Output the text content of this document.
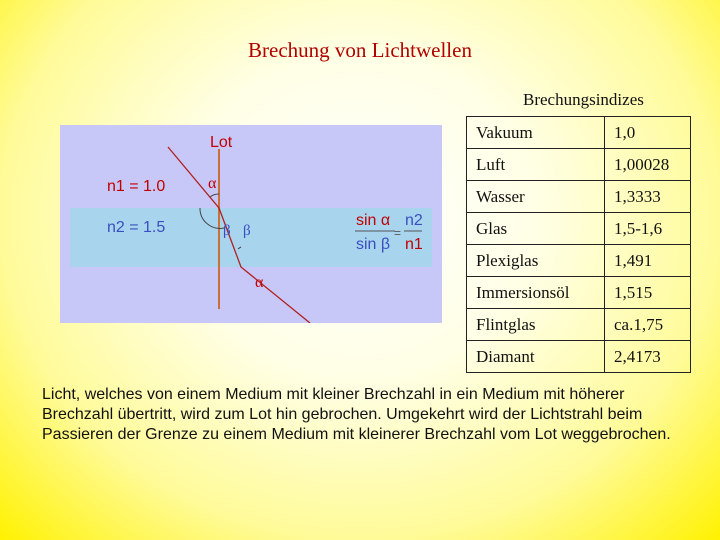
Brechung von Lichtwellen
Lot
n1 = 1.0
n2 = 1.5
α
β β
α
sin α
sin β
=
n2
n1
Brechungsindizes
Vakuum	1,0
Luft	1,00028
Wasser	1,3333
Glas	1,5-1,6
Plexiglas	1,491
Immersionsöl	1,515
Flintglas	ca.1,75
Diamant	2,4173
Licht, welches von einem Medium mit kleiner Brechzahl in ein Medium mit höherer Brechzahl übertritt, wird zum Lot hin gebrochen. Umgekehrt wird der Lichtstrahl beim Passieren der Grenze zu einem Medium mit kleinerer Brechzahl vom Lot weggebrochen.
